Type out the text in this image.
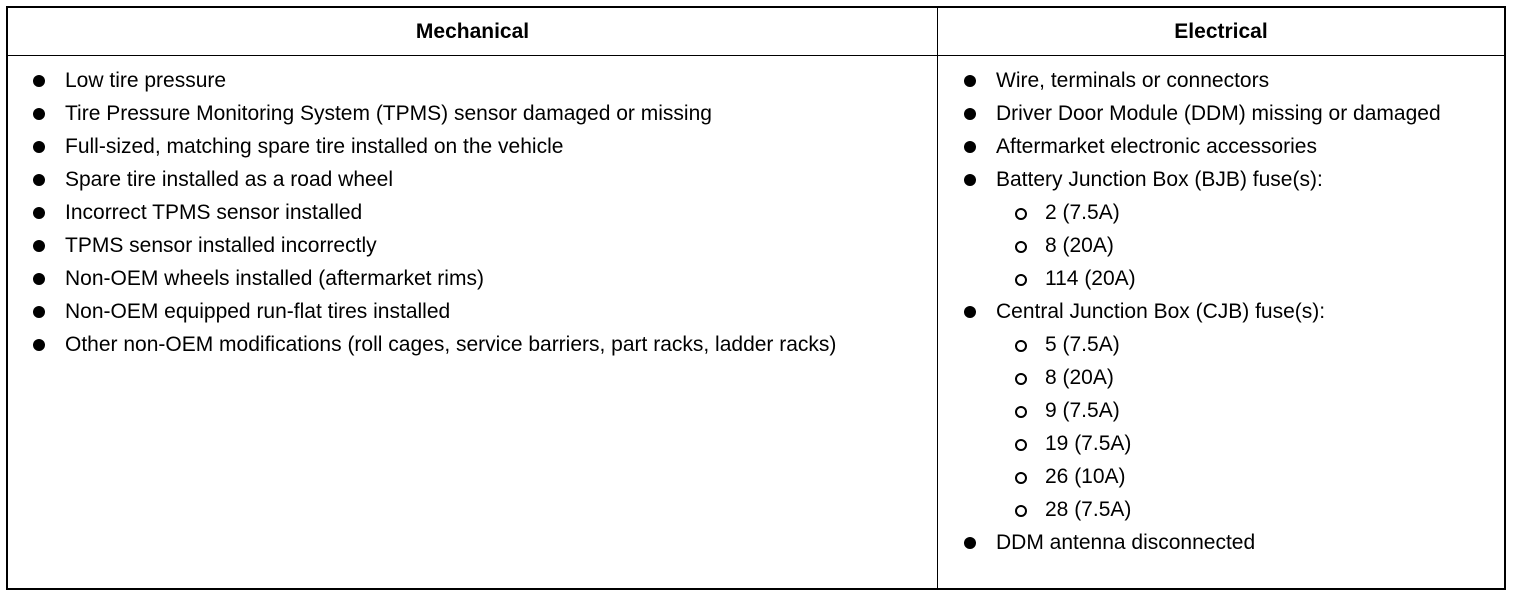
Mechanical	Electrical
Low tire pressure
Tire Pressure Monitoring System (TPMS) sensor damaged or missing
Full-sized, matching spare tire installed on the vehicle
Spare tire installed as a road wheel
Incorrect TPMS sensor installed
TPMS sensor installed incorrectly
Non-OEM wheels installed (aftermarket rims)
Non-OEM equipped run-flat tires installed
Other non-OEM modifications (roll cages, service barriers, part racks, ladder racks)
Wire, terminals or connectors
Driver Door Module (DDM) missing or damaged
Aftermarket electronic accessories
Battery Junction Box (BJB) fuse(s):
2 (7.5A)
8 (20A)
114 (20A)
Central Junction Box (CJB) fuse(s):
5 (7.5A)
8 (20A)
9 (7.5A)
19 (7.5A)
26 (10A)
28 (7.5A)
DDM antenna disconnected
